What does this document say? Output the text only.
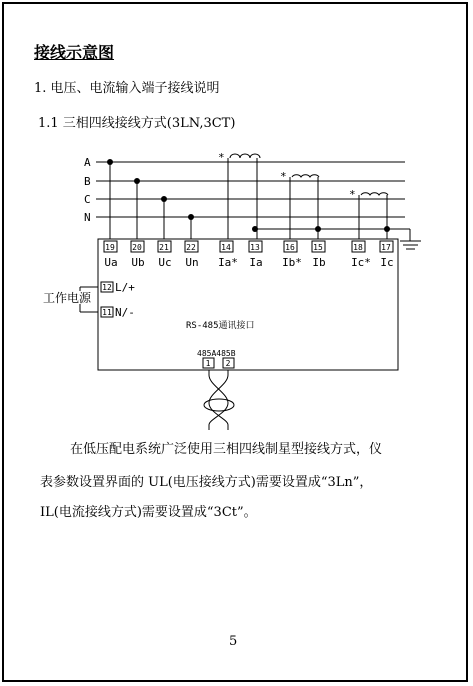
接线示意图
1. 电压、电流输入端子接线说明
1.1 三相四线接线方式(3LN,3CT)
A
B
C
N
*
*
*
19 20 21 22	14 13	16 15	18 17
12
11
1 2
Ua Ub Uc Un Ia* Ia Ib* Ib Ic* Ic
L/+
N/-
RS-485通讯接口
485A485B
工作电源
在低压配电系统广泛使用三相四线制星型接线方式，仪
表参数设置界面的 UL(电压接线方式)需要设置成“3Ln”，
IL(电流接线方式)需要设置成“3Ct”。
5
